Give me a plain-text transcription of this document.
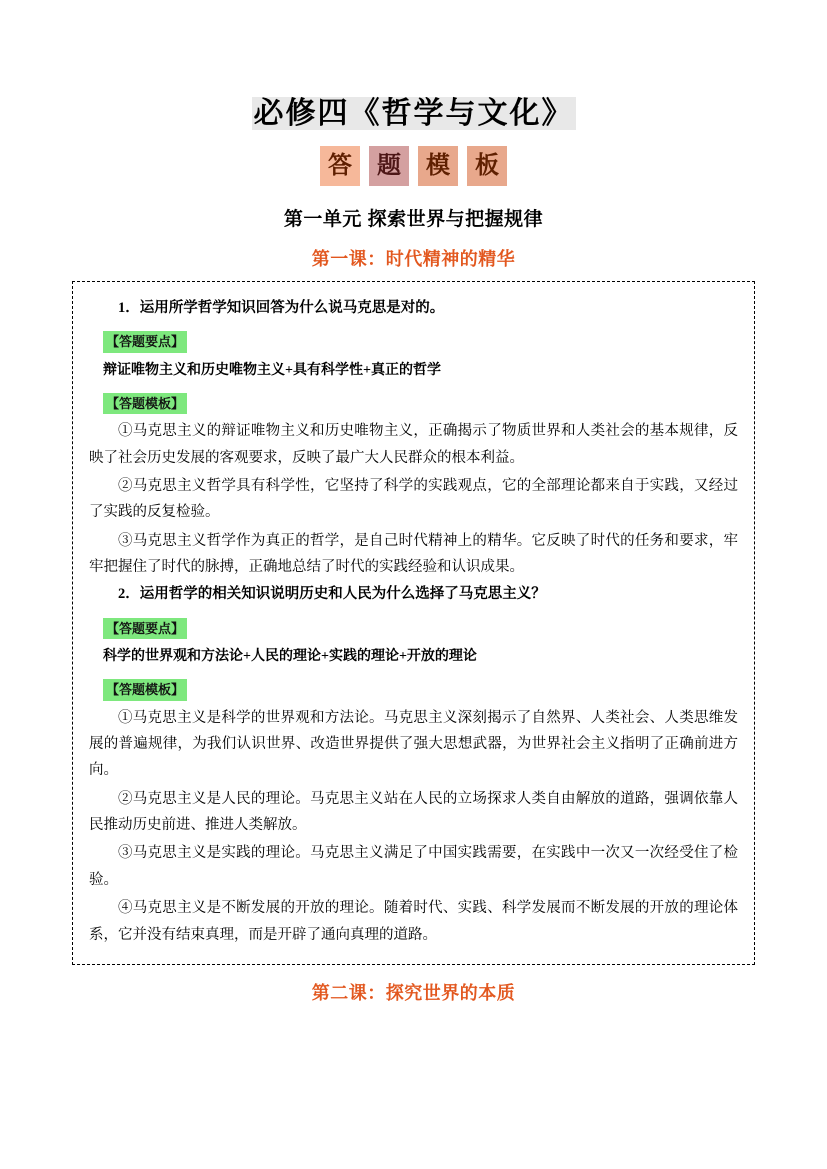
必修四《哲学与文化》
答	题	模	板
第一单元 探索世界与把握规律
第一课：时代精神的精华
1．运用所学哲学知识回答为什么说马克思是对的。
【答题要点】
辩证唯物主义和历史唯物主义+具有科学性+真正的哲学
【答题模板】

①马克思主义的辩证唯物主义和历史唯物主义，正确揭示了物质世界和人类社会的基本规律，反映了社会历史发展的客观要求，反映了最广大人民群众的根本利益。

②马克思主义哲学具有科学性，它坚持了科学的实践观点，它的全部理论都来自于实践，又经过了实践的反复检验。

③马克思主义哲学作为真正的哲学，是自己时代精神上的精华。它反映了时代的任务和要求，牢牢把握住了时代的脉搏，正确地总结了时代的实践经验和认识成果。

2．运用哲学的相关知识说明历史和人民为什么选择了马克思主义？
【答题要点】
科学的世界观和方法论+人民的理论+实践的理论+开放的理论
【答题模板】

①马克思主义是科学的世界观和方法论。马克思主义深刻揭示了自然界、人类社会、人类思维发展的普遍规律，为我们认识世界、改造世界提供了强大思想武器，为世界社会主义指明了正确前进方向。

②马克思主义是人民的理论。马克思主义站在人民的立场探求人类自由解放的道路，强调依靠人民推动历史前进、推进人类解放。

③马克思主义是实践的理论。马克思主义满足了中国实践需要，在实践中一次又一次经受住了检验。

④马克思主义是不断发展的开放的理论。随着时代、实践、科学发展而不断发展的开放的理论体系，它并没有结束真理，而是开辟了通向真理的道路。

第二课：探究世界的本质
